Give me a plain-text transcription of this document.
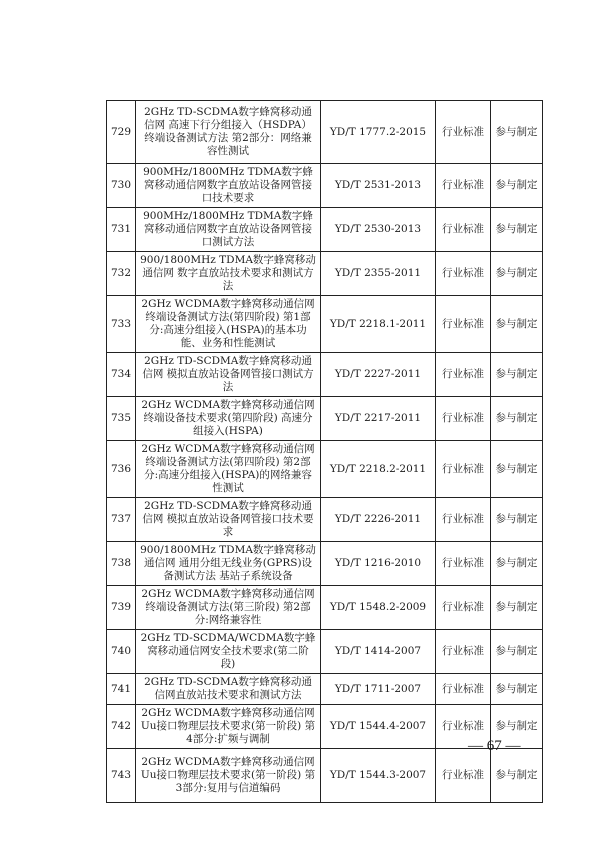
729	2GHz TD-SCDMA数字蜂窝移动通信网 高速下行分组接入（HSDPA） 终端设备测试方法 第2部分：网络兼容性测试	YD/T 1777.2-2015	行业标准	参与制定
730	900MHz/1800MHz TDMA数字蜂窝移动通信网数字直放站设备网管接口技术要求	YD/T 2531-2013	行业标准	参与制定
731	900MHz/1800MHz TDMA数字蜂窝移动通信网数字直放站设备网管接口测试方法	YD/T 2530-2013	行业标准	参与制定
732	900/1800MHz TDMA数字蜂窝移动通信网 数字直放站技术要求和测试方法	YD/T 2355-2011	行业标准	参与制定
733	2GHz WCDMA数字蜂窝移动通信网终端设备测试方法(第四阶段) 第1部分:高速分组接入(HSPA)的基本功能、业务和性能测试	YD/T 2218.1-2011	行业标准	参与制定
734	2GHz TD-SCDMA数字蜂窝移动通信网 模拟直放站设备网管接口测试方法	YD/T 2227-2011	行业标准	参与制定
735	2GHz WCDMA数字蜂窝移动通信网终端设备技术要求(第四阶段) 高速分组接入(HSPA)	YD/T 2217-2011	行业标准	参与制定
736	2GHz WCDMA数字蜂窝移动通信网终端设备测试方法(第四阶段) 第2部分:高速分组接入(HSPA)的网络兼容性测试	YD/T 2218.2-2011	行业标准	参与制定
737	2GHz TD-SCDMA数字蜂窝移动通信网 模拟直放站设备网管接口技术要求	YD/T 2226-2011	行业标准	参与制定
738	900/1800MHz TDMA数字蜂窝移动通信网 通用分组无线业务(GPRS)设备测试方法 基站子系统设备	YD/T 1216-2010	行业标准	参与制定
739	2GHz WCDMA数字蜂窝移动通信网终端设备测试方法(第三阶段) 第2部分:网络兼容性	YD/T 1548.2-2009	行业标准	参与制定
740	2GHz TD-SCDMA/WCDMA数字蜂窝移动通信网安全技术要求(第二阶段)	YD/T 1414-2007	行业标准	参与制定
741	2GHz TD-SCDMA数字蜂窝移动通信网直放站技术要求和测试方法	YD/T 1711-2007	行业标准	参与制定
742	2GHz WCDMA数字蜂窝移动通信网Uu接口物理层技术要求(第一阶段) 第4部分:扩频与调制	YD/T 1544.4-2007	行业标准	参与制定
743	2GHz WCDMA数字蜂窝移动通信网Uu接口物理层技术要求(第一阶段) 第3部分:复用与信道编码	YD/T 1544.3-2007	行业标准	参与制定
— 67 —
